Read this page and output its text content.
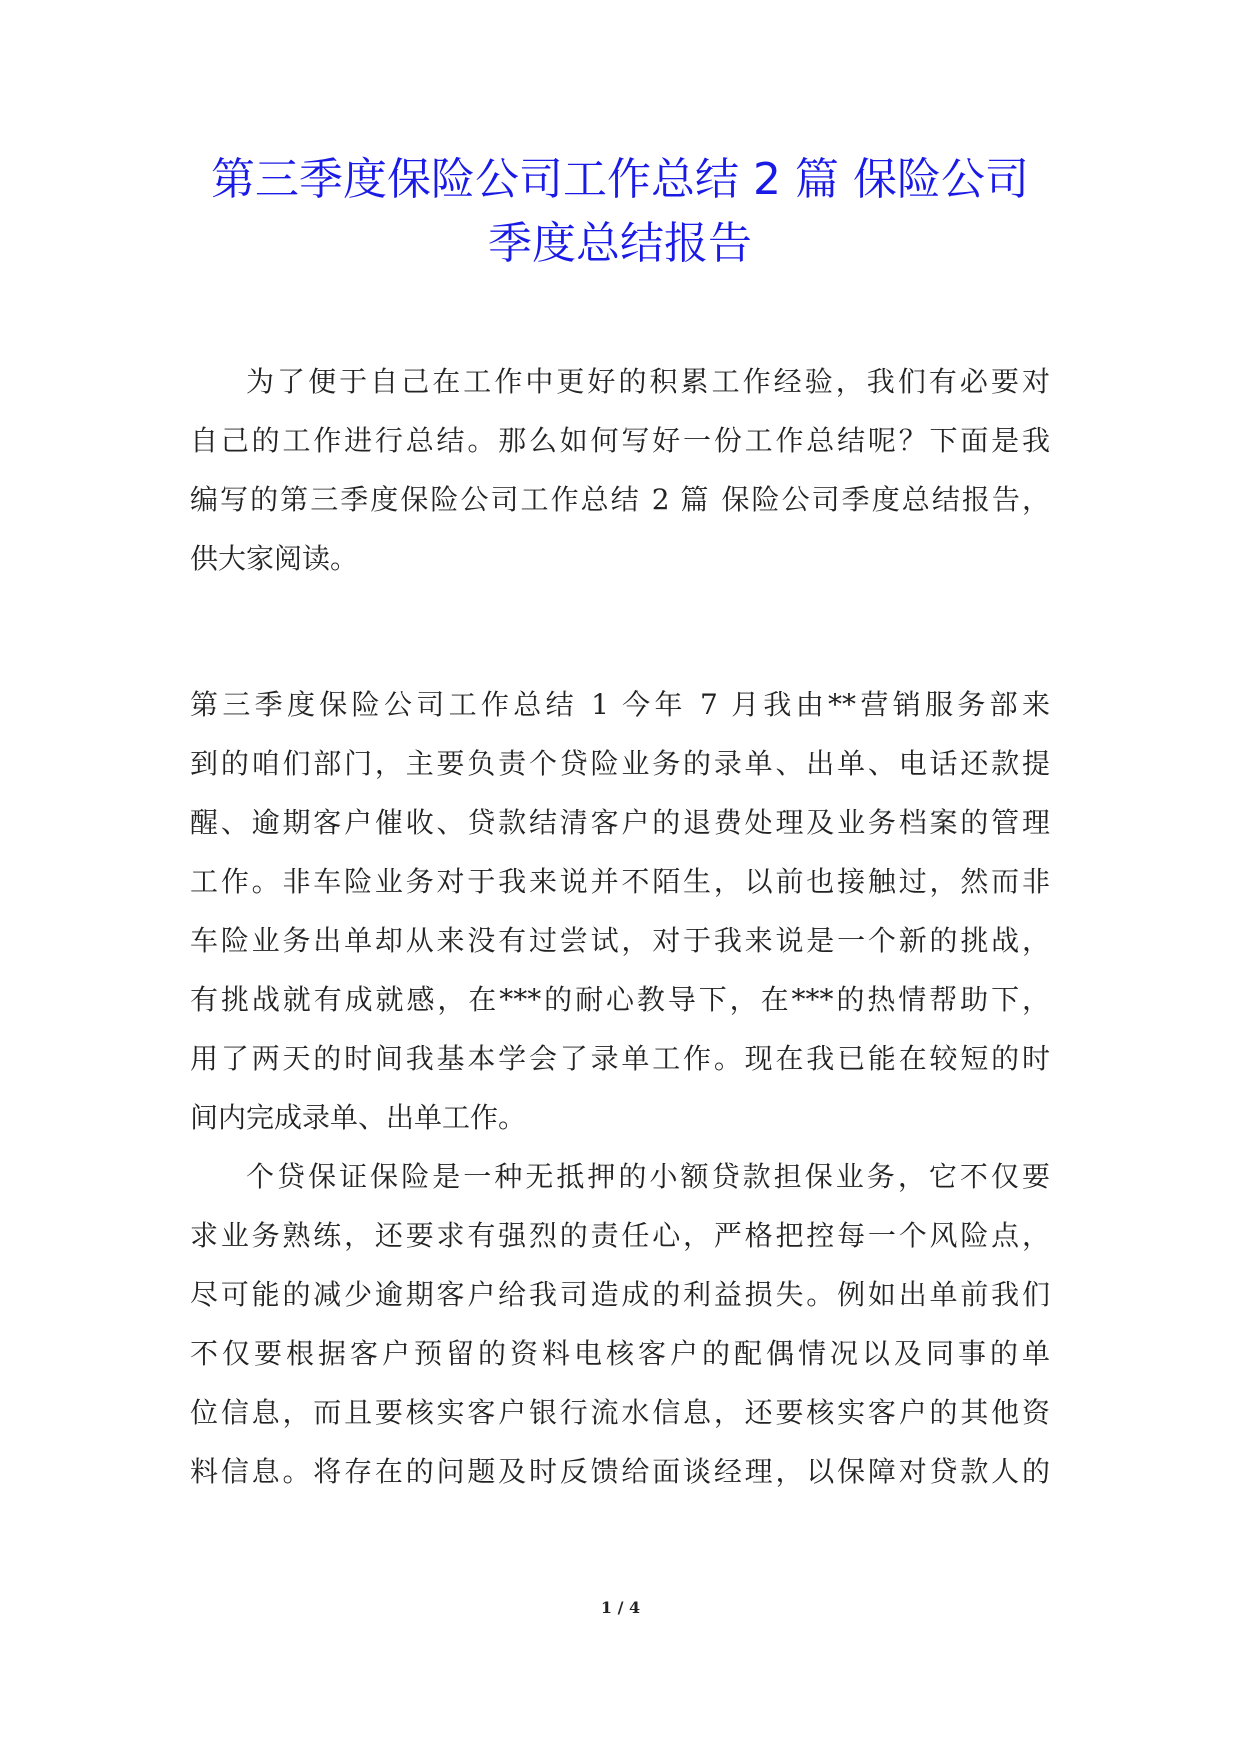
第三季度保险公司工作总结 2 篇 保险公司
季度总结报告
为了便于自己在工作中更好的积累工作经验，我们有必要对
自己的工作进行总结。那么如何写好一份工作总结呢？下面是我
编写的第三季度保险公司工作总结 2 篇 保险公司季度总结报告，
供大家阅读。
第三季度保险公司工作总结 1 今年 7 月我由**营销服务部来
到的咱们部门，主要负责个贷险业务的录单、出单、电话还款提
醒、逾期客户催收、贷款结清客户的退费处理及业务档案的管理
工作。非车险业务对于我来说并不陌生，以前也接触过，然而非
车险业务出单却从来没有过尝试，对于我来说是一个新的挑战，
有挑战就有成就感，在***的耐心教导下，在***的热情帮助下，
用了两天的时间我基本学会了录单工作。现在我已能在较短的时
间内完成录单、出单工作。
个贷保证保险是一种无抵押的小额贷款担保业务，它不仅要
求业务熟练，还要求有强烈的责任心，严格把控每一个风险点，
尽可能的减少逾期客户给我司造成的利益损失。例如出单前我们
不仅要根据客户预留的资料电核客户的配偶情况以及同事的单
位信息，而且要核实客户银行流水信息，还要核实客户的其他资
料信息。将存在的问题及时反馈给面谈经理，以保障对贷款人的
1 / 4
